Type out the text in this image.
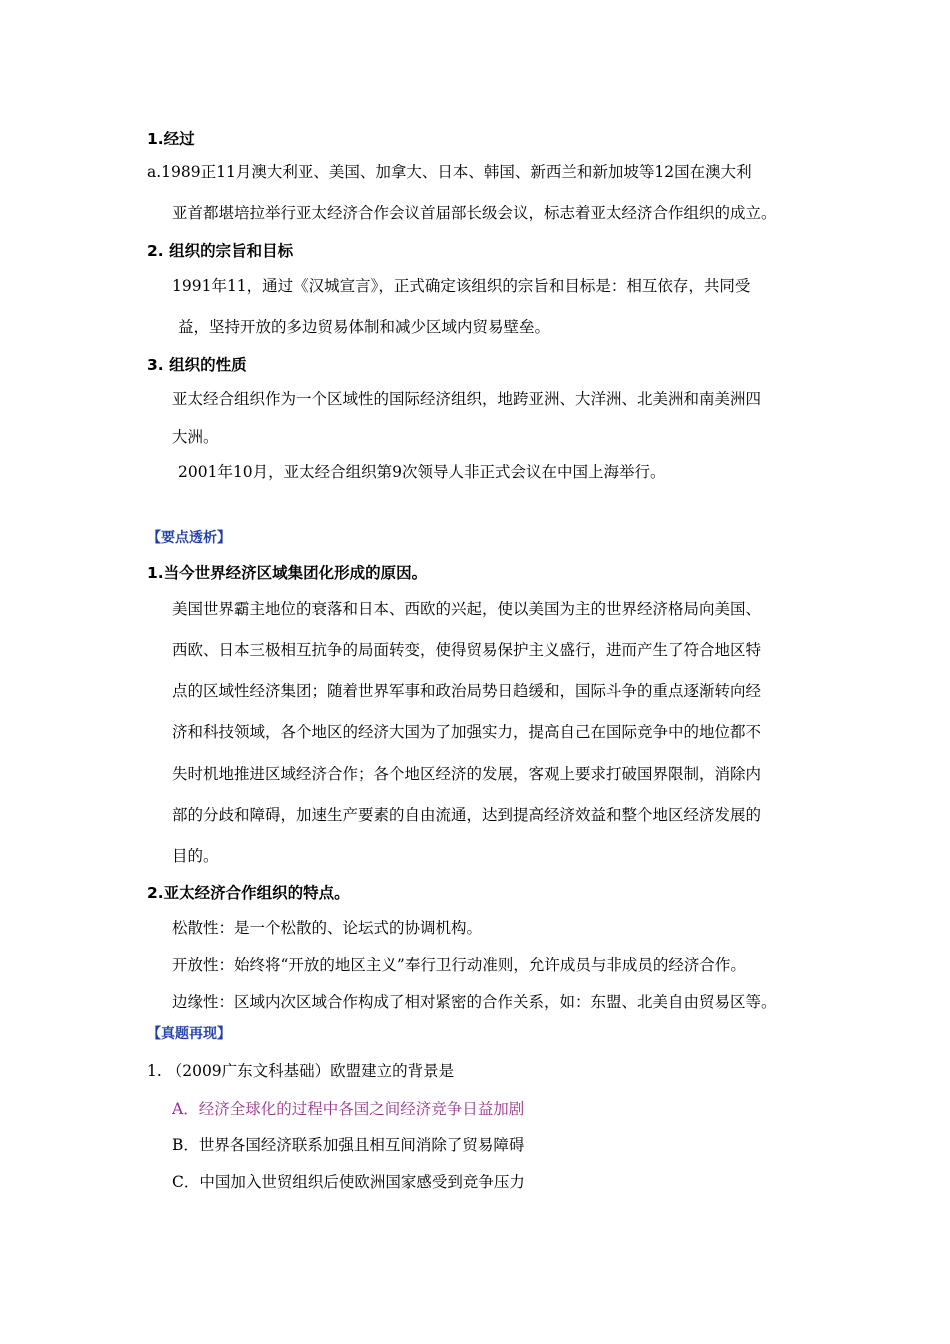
1.经过
a.1989正11月澳大利亚、美国、加拿大、日本、韩国、新西兰和新加坡等12国在澳大利
亚首都堪培拉举行亚太经济合作会议首届部长级会议，标志着亚太经济合作组织的成立。
2. 组织的宗旨和目标
1991年11，通过《汉城宣言》，正式确定该组织的宗旨和目标是：相互依存，共同受
益，坚持开放的多边贸易体制和减少区域内贸易壁垒。
3. 组织的性质
亚太经合组织作为一个区域性的国际经济组织，地跨亚洲、大洋洲、北美洲和南美洲四
大洲。
2001年10月，亚太经合组织第9次领导人非正式会议在中国上海举行。
【要点透析】
1.当今世界经济区域集团化形成的原因。
美国世界霸主地位的衰落和日本、西欧的兴起，使以美国为主的世界经济格局向美国、
西欧、日本三极相互抗争的局面转变，使得贸易保护主义盛行，进而产生了符合地区特
点的区域性经济集团；随着世界军事和政治局势日趋缓和，国际斗争的重点逐渐转向经
济和科技领域，各个地区的经济大国为了加强实力，提高自己在国际竞争中的地位都不
失时机地推进区域经济合作；各个地区经济的发展，客观上要求打破国界限制，消除内
部的分歧和障碍，加速生产要素的自由流通，达到提高经济效益和整个地区经济发展的
目的。
2.亚太经济合作组织的特点。
松散性：是一个松散的、论坛式的协调机构。
开放性：始终将“开放的地区主义”奉行卫行动准则，允许成员与非成员的经济合作。
边缘性：区域内次区域合作构成了相对紧密的合作关系，如：东盟、北美自由贸易区等。
【真题再现】
1. （2009广东文科基础）欧盟建立的背景是
A．经济全球化的过程中各国之间经济竞争日益加剧
B．世界各国经济联系加强且相互间消除了贸易障碍
C．中国加入世贸组织后使欧洲国家感受到竞争压力
